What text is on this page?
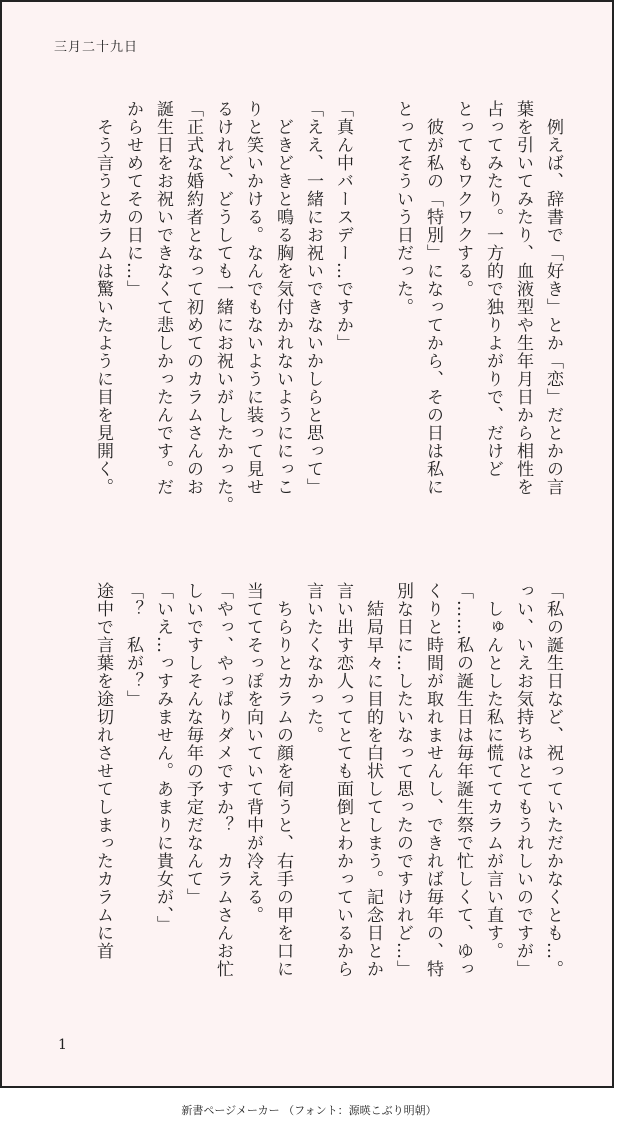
三月二十九日

　例えば、辞書で「好き」とか「恋」だとかの言

葉を引いてみたり、血液型や生年月日から相性を

占ってみたり。一方的で独りよがりで、だけど

とってもワクワクする。

　彼が私の「特別」になってから、その日は私に

とってそういう日だった。

「真ん中バースデー…ですか」

「ええ、一緒にお祝いできないかしらと思って」

　どきどきと鳴る胸を気付かれないようににっこ

りと笑いかける。なんでもないように装って見せ

るけれど、どうしても一緒にお祝いがしたかった。

「正式な婚約者となって初めてのカラムさんのお

誕生日をお祝いできなくて悲しかったんです。だ

からせめてその日に…」

　そう言うとカラムは驚いたように目を見開く。

「私の誕生日など、祝っていただかなくとも…。

っい、いえお気持ちはとてもうれしいのですが」

　しゅんとした私に慌ててカラムが言い直す。

「……私の誕生日は毎年誕生祭で忙しくて、ゆっ

くりと時間が取れませんし、できれば毎年の、特

別な日に…したいなって思ったのですけれど…」

　結局早々に目的を白状してしまう。記念日とか

言い出す恋人ってとても面倒とわかっているから

言いたくなかった。

　ちらりとカラムの顔を伺うと、右手の甲を口に

当ててそっぽを向いていて背中が冷える。

「やっ、やっぱりダメですか？　カラムさんお忙

しいですしそんな毎年の予定だなんて」

「いえ…っすみません。あまりに貴女が、」

「？　私が？」

途中で言葉を途切れさせてしまったカラムに首

1
新書ページメーカー （フォント：源暎こぶり明朝）
